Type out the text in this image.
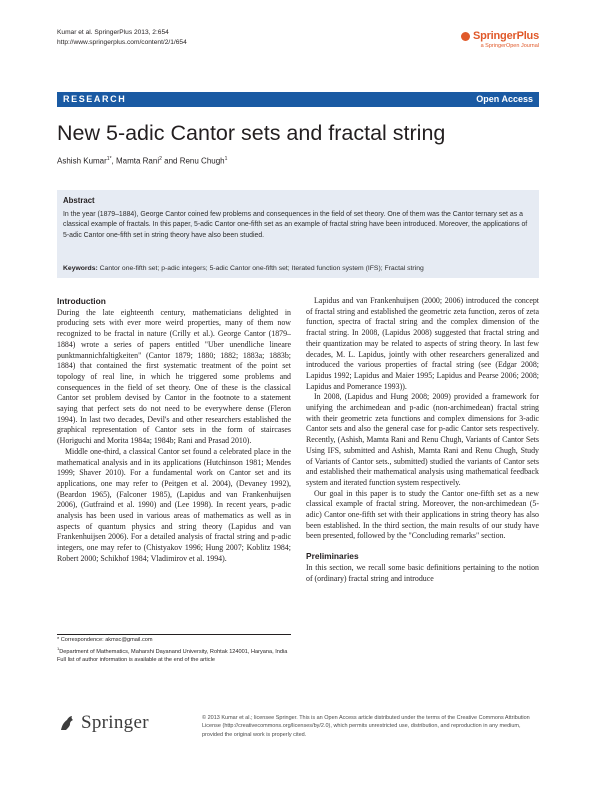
Kumar et al. SpringerPlus 2013, 2:654
http://www.springerplus.com/content/2/1/654
SpringerPlus
a SpringerOpen Journal
RESEARCH	Open Access
New 5-adic Cantor sets and fractal string
Ashish Kumar$^{1*}$, Mamta Rani$^2$ and Renu Chugh$^1$
Abstract
In the year (1879–1884), George Cantor coined few problems and consequences in the field of set theory. One of them was the Cantor ternary set as a classical example of fractals. In this paper, 5-adic Cantor one-fifth set as an example of fractal string have been introduced. Moreover, the applications of 5-adic Cantor one-fifth set in string theory have also been studied.
Keywords: Cantor one-fifth set; p-adic integers; 5-adic Cantor one-fifth set; Iterated function system (IFS); Fractal string
Introduction

During the late eighteenth century, mathematicians delighted in producing sets with ever more weird properties, many of them now recognized to be fractal in nature (Crilly et al.). George Cantor (1879–1884) wrote a series of papers entitled "Uber unendliche lineare punktmannichfaltigkeiten" (Cantor 1879; 1880; 1882; 1883a; 1883b; 1884) that contained the first systematic treatment of the point set topology of real line, in which he triggered some problems and consequences in the field of set theory. One of these is the classical Cantor set problem devised by Cantor in the footnote to a statement saying that perfect sets do not need to be everywhere dense (Fleron 1994). In last two decades, Devil's and other researchers established the graphical representation of Cantor sets in the form of staircases (Horiguchi and Morita 1984a; 1984b; Rani and Prasad 2010).

Middle one-third, a classical Cantor set found a celebrated place in the mathematical analysis and in its applications (Hutchinson 1981; Mendes 1999; Shaver 2010). For a fundamental work on Cantor set and its applications, one may refer to (Peitgen et al. 2004), (Devaney 1992), (Beardon 1965), (Falconer 1985), (Lapidus and van Frankenhuijsen 2006), (Gutfraind et al. 1990) and (Lee 1998). In recent years, p-adic analysis has been used in various areas of mathematics as well as in aspects of quantum physics and string theory (Lapidus and van Frankenhuijsen 2006). For a detailed analysis of fractal string and p-adic integers, one may refer to (Chistyakov 1996; Hung 2007; Koblitz 1984; Robert 2000; Schikhof 1984; Vladimirov et al. 1994).

Lapidus and van Frankenhuijsen (2000; 2006) introduced the concept of fractal string and established the geometric zeta function, zeros of zeta function, spectra of fractal string and the complex dimension of the fractal string. In 2008, (Lapidus 2008) suggested that fractal string and their quantization may be related to aspects of string theory. In last few decades, M. L. Lapidus, jointly with other researchers generalized and introduced the various properties of fractal string (see (Edgar 2008; Lapidus 1992; Lapidus and Maier 1995; Lapidus and Pearse 2006; 2008; Lapidus and Pomerance 1993)).

In 2008, (Lapidus and Hung 2008; 2009) provided a framework for unifying the archimedean and p-adic (non-archimedean) fractal string with their geometric zeta functions and complex dimensions for 3-adic Cantor sets and also the general case for p-adic Cantor sets respectively. Recently, (Ashish, Mamta Rani and Renu Chugh, Variants of Cantor Sets Using IFS, submitted and Ashish, Mamta Rani and Renu Chugh, Study of Variants of Cantor sets., submitted) studied the variants of Cantor sets and established their mathematical analysis using mathematical feedback system and iterated function system respectively.

Our goal in this paper is to study the Cantor one-fifth set as a new classical example of fractal string. Moreover, the non-archimedean (5-adic) Cantor one-fifth set with their applications in string theory has also been established. In the third section, the main results of our study have been presented, followed by the "Concluding remarks" section.

Preliminaries

In this section, we recall some basic definitions pertaining to the notion of (ordinary) fractal string and introduce

* Correspondence: akmsc@gmail.com
$^1$Department of Mathematics, Maharshi Dayanand University, Rohtak 124001, Haryana, India
Full list of author information is available at the end of the article
Springer	© 2013 Kumar et al.; licensee Springer. This is an Open Access article distributed under the terms of the Creative Commons Attribution License (http://creativecommons.org/licenses/by/2.0), which permits unrestricted use, distribution, and reproduction in any medium, provided the original work is properly cited.
